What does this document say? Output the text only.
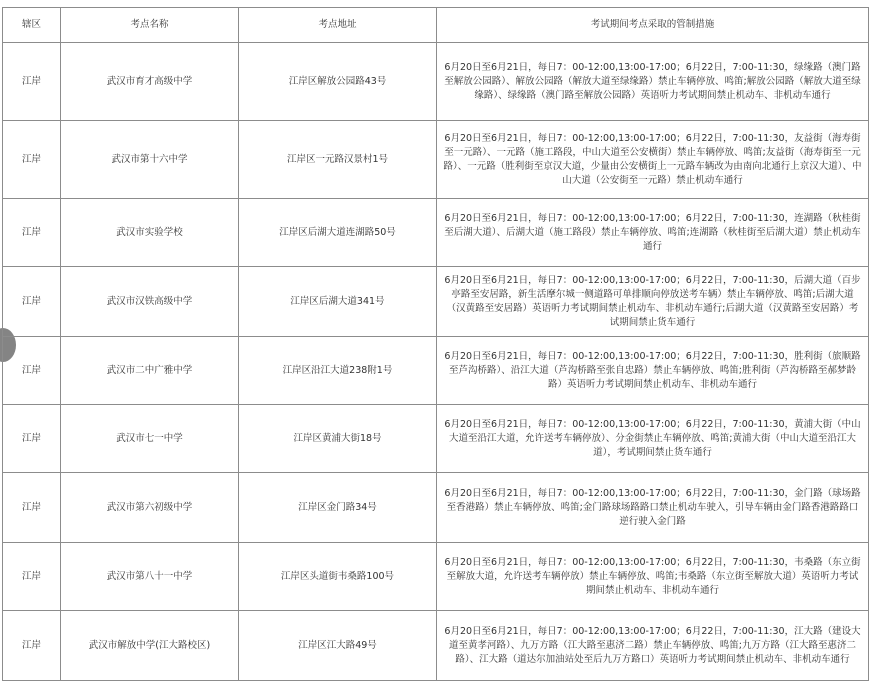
辖区	考点名称	考点地址	考试期间考点采取的管制措施
江岸	武汉市育才高级中学	江岸区解放公园路43号	6月20日至6月21日，每日7：00-12:00,13:00-17:00；6月22日，7:00-11:30，绿缘路（澳门路至解放公园路）、解放公园路（解放大道至绿缘路）禁止车辆停放、鸣笛;解放公园路（解放大道至绿缘路）、绿缘路（澳门路至解放公园路）英语听力考试期间禁止机动车、非机动车通行
江岸	武汉市第十六中学	江岸区一元路汉景村1号	6月20日至6月21日，每日7：00-12:00,13:00-17:00；6月22日，7:00-11:30，友益街（海寿街至一元路）、一元路（施工路段，中山大道至公安横街）禁止车辆停放、鸣笛;友益街（海寿街至一元路）、一元路（胜利街至京汉大道，少量由公安横街上一元路车辆改为由南向北通行上京汉大道）、中山大道（公安街至一元路）禁止机动车通行
江岸	武汉市实验学校	江岸区后湖大道连湖路50号	6月20日至6月21日，每日7：00-12:00,13:00-17:00；6月22日，7:00-11:30，连湖路（秋桂街至后湖大道）、后湖大道（施工路段）禁止车辆停放、鸣笛;连湖路（秋桂街至后湖大道）禁止机动车通行
江岸	武汉市汉铁高级中学	江岸区后湖大道341号	6月20日至6月21日，每日7：00-12:00,13:00-17:00；6月22日，7:00-11:30，后湖大道（百步亭路至安居路，新生活摩尔城一侧道路可单排顺向停放送考车辆）禁止车辆停放、鸣笛;后湖大道（汉黄路至安居路）英语听力考试期间禁止机动车、非机动车通行;后湖大道（汉黄路至安居路）考试期间禁止货车通行
江岸	武汉市二中广雅中学	江岸区沿江大道238附1号	6月20日至6月21日，每日7：00-12:00,13:00-17:00；6月22日，7:00-11:30，胜利街（旅顺路至芦沟桥路）、沿江大道（芦沟桥路至张自忠路）禁止车辆停放、鸣笛;胜利街（芦沟桥路至郝梦龄路）英语听力考试期间禁止机动车、非机动车通行
江岸	武汉市七一中学	江岸区黄浦大街18号	6月20日至6月21日，每日7：00-12:00,13:00-17:00；6月22日，7:00-11:30，黄浦大街（中山大道至沿江大道，允许送考车辆停放）、分金街禁止车辆停放、鸣笛;黄浦大街（中山大道至沿江大道），考试期间禁止货车通行
江岸	武汉市第六初级中学	江岸区金门路34号	6月20日至6月21日，每日7：00-12:00,13:00-17:00；6月22日，7:00-11:30，金门路（球场路至香港路）禁止车辆停放、鸣笛;金门路球场路路口禁止机动车驶入，引导车辆由金门路香港路路口逆行驶入金门路
江岸	武汉市第八十一中学	江岸区头道街韦桑路100号	6月20日至6月21日，每日7：00-12:00,13:00-17:00；6月22日，7:00-11:30，韦桑路（东立街至解放大道，允许送考车辆停放）禁止车辆停放、鸣笛;韦桑路（东立街至解放大道）英语听力考试期间禁止机动车、非机动车通行
江岸	武汉市解放中学(江大路校区)	江岸区江大路49号	6月20日至6月21日，每日7：00-12:00,13:00-17:00；6月22日，7:00-11:30，江大路（建设大道至黄孝河路）、九万方路（江大路至惠济二路）禁止车辆停放、鸣笛;九万方路（江大路至惠济二路）、江大路（道达尔加油站处至后九万方路口）英语听力考试期间禁止机动车、非机动车通行
